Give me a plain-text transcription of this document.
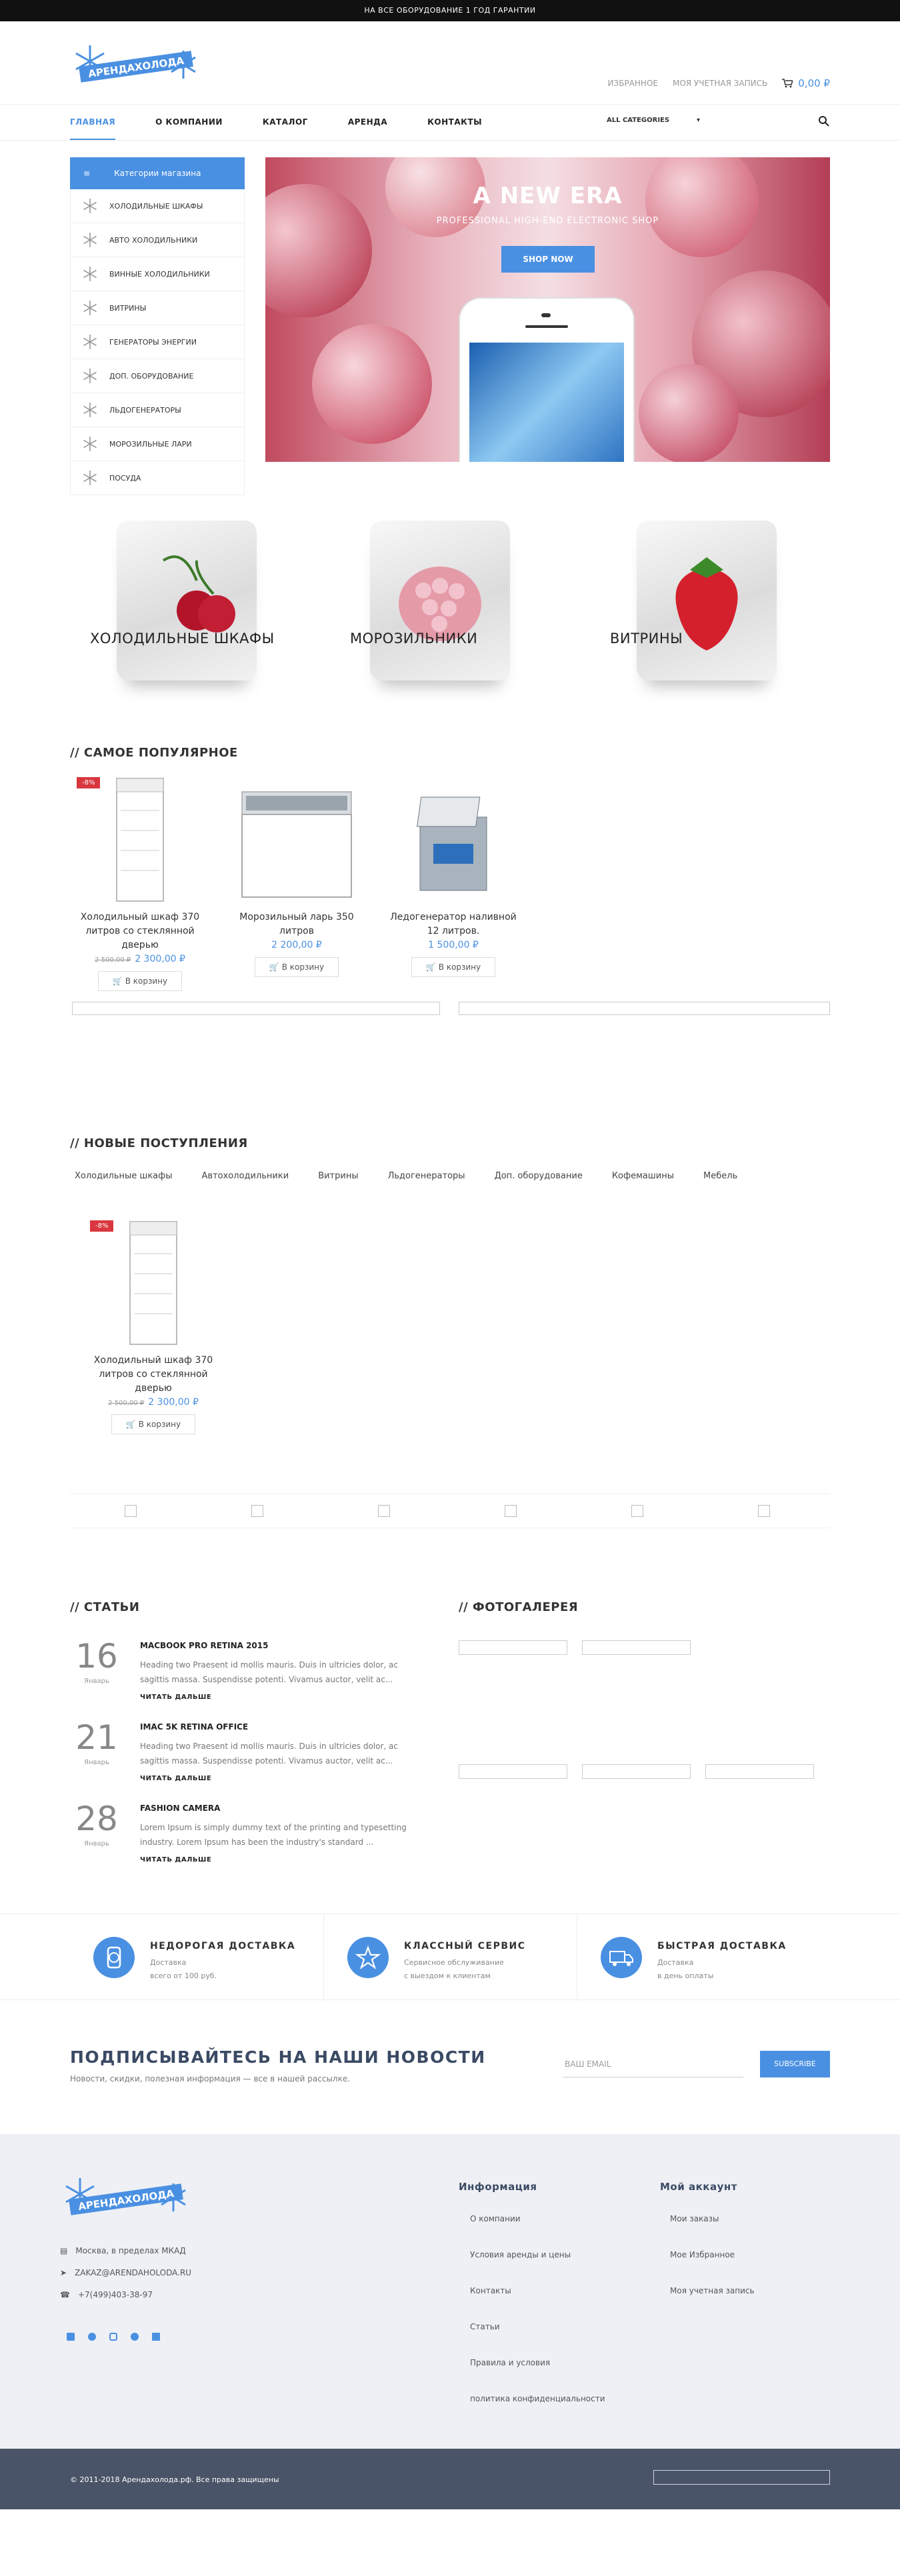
НА ВСЕ ОБОРУДОВАНИЕ 1 ГОД ГАРАНТИИ
АРЕНДАХОЛОДА
ИЗБРАННОЕ МОЯ УЧЕТНАЯ ЗАПИСЬ	0,00 ₽
ГЛАВНАЯ	О КОМПАНИИ	КАТАЛОГ	АРЕНДА	КОНТАКТЫ	ALL CATEGORIES	▾
≡	Категории магазина
ХОЛОДИЛЬНЫЕ ШКАФЫ
АВТО ХОЛОДИЛЬНИКИ
ВИННЫЕ ХОЛОДИЛЬНИКИ
ВИТРИНЫ
ГЕНЕРАТОРЫ ЭНЕРГИИ
ДОП. ОБОРУДОВАНИЕ
ЛЬДОГЕНЕРАТОРЫ
МОРОЗИЛЬНЫЕ ЛАРИ
ПОСУДА
A NEW ERA
PROFESSIONAL HIGH-END ELECTRONIC SHOP
SHOP NOW
ХОЛОДИЛЬНЫЕ ШКАФЫ	МОРОЗИЛЬНИКИ	ВИТРИНЫ
// САМОЕ ПОПУЛЯРНОЕ
-8%
Холодильный шкаф 370 литров со стеклянной дверью
2 500,00 ₽ 2 300,00 ₽
🛒 В корзину
Морозильный ларь 350 литров
2 200,00 ₽
🛒 В корзину
Ледогенератор наливной 12 литров.
1 500,00 ₽
🛒 В корзину
// НОВЫЕ ПОСТУПЛЕНИЯ
Холодильные шкафы	Автохолодильники	Витрины	Льдогенераторы	Доп. оборудование	Кофемашины	Мебель
-8%
Холодильный шкаф 370 литров со стеклянной дверью
2 500,00 ₽ 2 300,00 ₽
🛒 В корзину
// СТАТЬИ
16
Январь
MACBOOK PRO RETINA 2015
Heading two Praesent id mollis mauris. Duis in ultricies dolor, ac sagittis massa. Suspendisse potenti. Vivamus auctor, velit ac...
ЧИТАТЬ ДАЛЬШЕ
21
Январь
IMAC 5K RETINA OFFICE
Heading two Praesent id mollis mauris. Duis in ultricies dolor, ac sagittis massa. Suspendisse potenti. Vivamus auctor, velit ac...
ЧИТАТЬ ДАЛЬШЕ
28
Январь
FASHION CAMERA
Lorem Ipsum is simply dummy text of the printing and typesetting industry. Lorem Ipsum has been the industry's standard ...
ЧИТАТЬ ДАЛЬШЕ
// ФОТОГАЛЕРЕЯ
НЕДОРОГАЯ ДОСТАВКА
Доставка
всего от 100 руб.
КЛАССНЫЙ СЕРВИС
Сервисное обслуживание
с выездом к клиентам
БЫСТРАЯ ДОСТАВКА
Доставка
в день оплаты
ПОДПИСЫВАЙТЕСЬ НА НАШИ НОВОСТИ
Новости, скидки, полезная информация — все в нашей рассылке.
ВАШ EMAIL	SUBSCRIBE
АРЕНДАХОЛОДА
▤ Москва, в пределах МКАД
➤ ZAKAZ@ARENDAHOLODA.RU
☎ +7(499)403-38-97
Информация
О компании
Условия аренды и цены
Контакты
Статьи
Правила и условия
политика конфиденциальности
Мой аккаунт
Мои заказы
Мое Избранное
Моя учетная запись
© 2011-2018 Арендахолода.рф. Все права защищены
